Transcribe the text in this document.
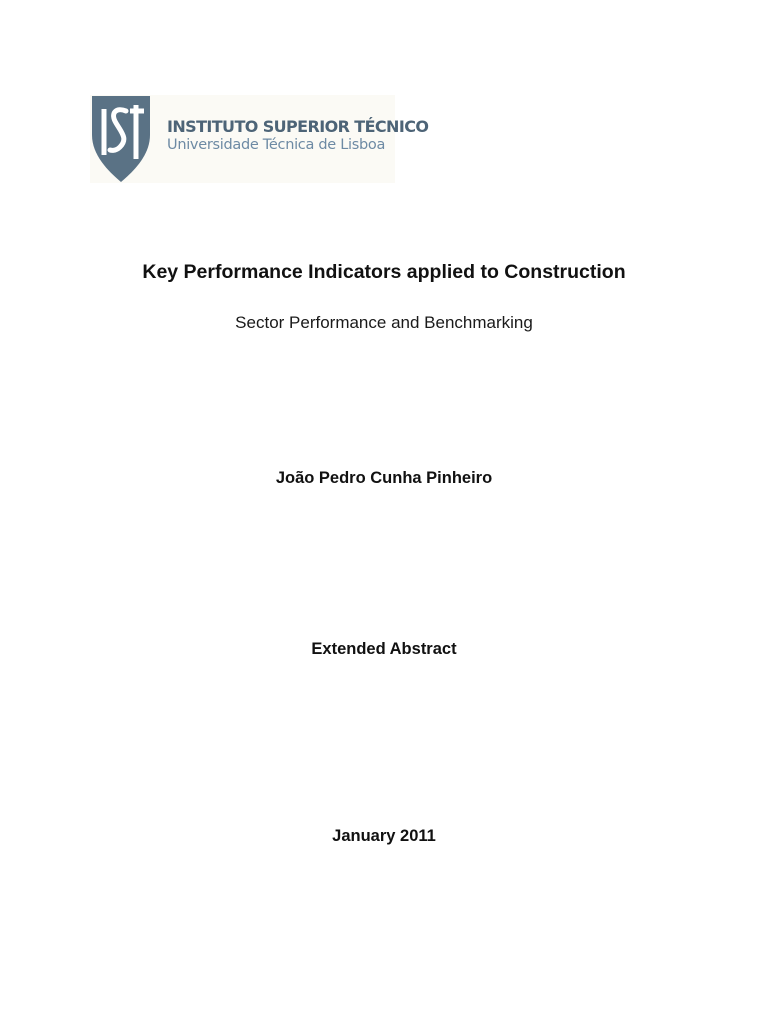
INSTITUTO SUPERIOR TÉCNICO
Universidade Técnica de Lisboa
Key Performance Indicators applied to Construction
Sector Performance and Benchmarking
João Pedro Cunha Pinheiro
Extended Abstract
January 2011
